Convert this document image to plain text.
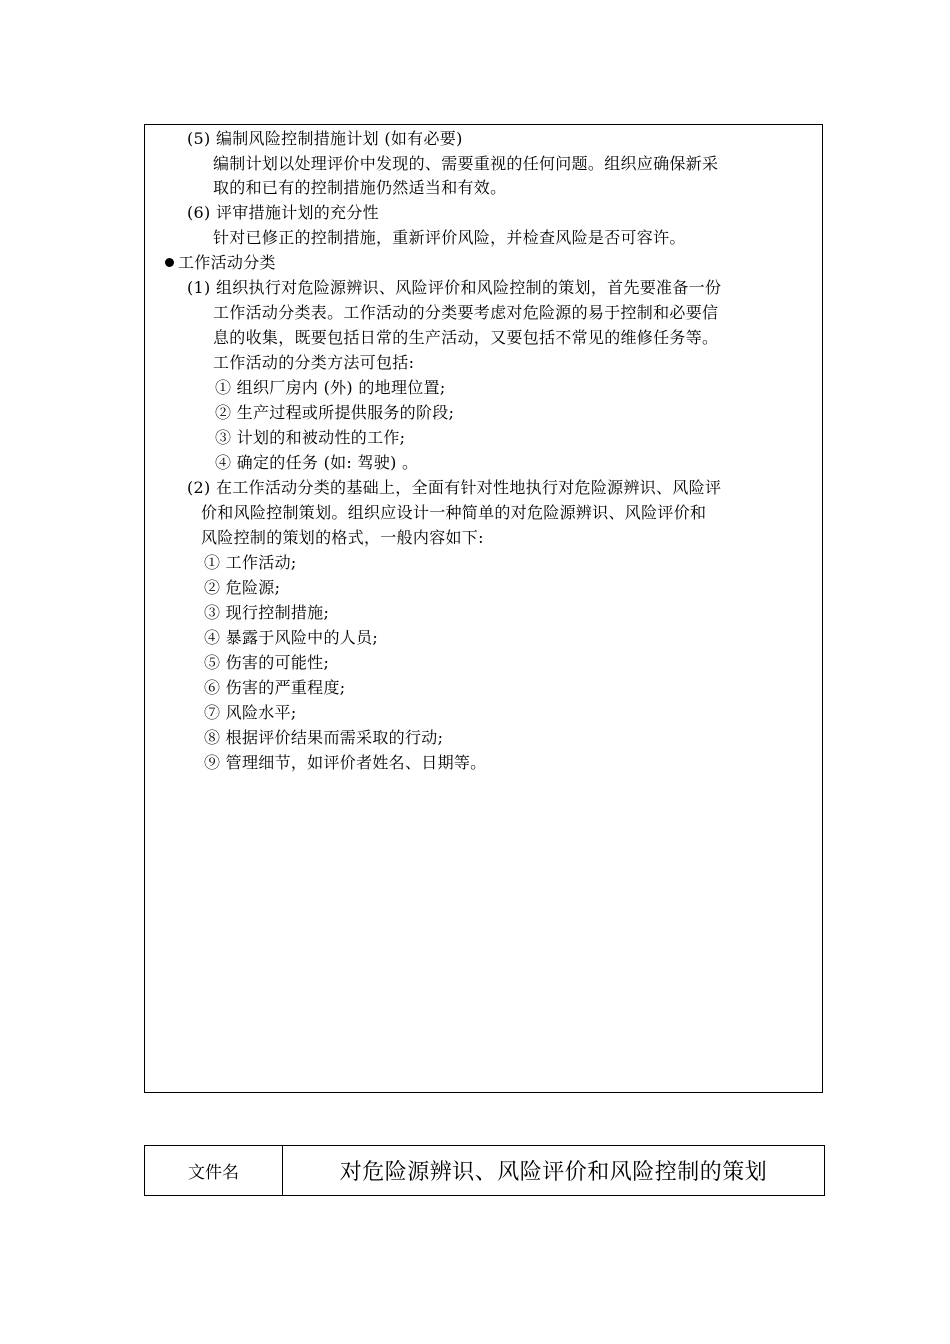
(5) 编制风险控制措施计划 (如有必要)
编制计划以处理评价中发现的、需要重视的任何问题。组织应确保新采
取的和已有的控制措施仍然适当和有效。
(6) 评审措施计划的充分性
针对已修正的控制措施，重新评价风险，并检查风险是否可容许。
工作活动分类
(1) 组织执行对危险源辨识、风险评价和风险控制的策划，首先要准备一份
工作活动分类表。工作活动的分类要考虑对危险源的易于控制和必要信
息的收集，既要包括日常的生产活动，又要包括不常见的维修任务等。
工作活动的分类方法可包括:
① 组织厂房内 (外) 的地理位置;
② 生产过程或所提供服务的阶段;
③ 计划的和被动性的工作;
④ 确定的任务 (如: 驾驶) 。
(2) 在工作活动分类的基础上，全面有针对性地执行对危险源辨识、风险评
价和风险控制策划。组织应设计一种简单的对危险源辨识、风险评价和
风险控制的策划的格式，一般内容如下:
① 工作活动;
② 危险源;
③ 现行控制措施;
④ 暴露于风险中的人员;
⑤ 伤害的可能性;
⑥ 伤害的严重程度;
⑦ 风险水平;
⑧ 根据评价结果而需采取的行动;
⑨ 管理细节，如评价者姓名、日期等。
文件名	对危险源辨识、风险评价和风险控制的策划
